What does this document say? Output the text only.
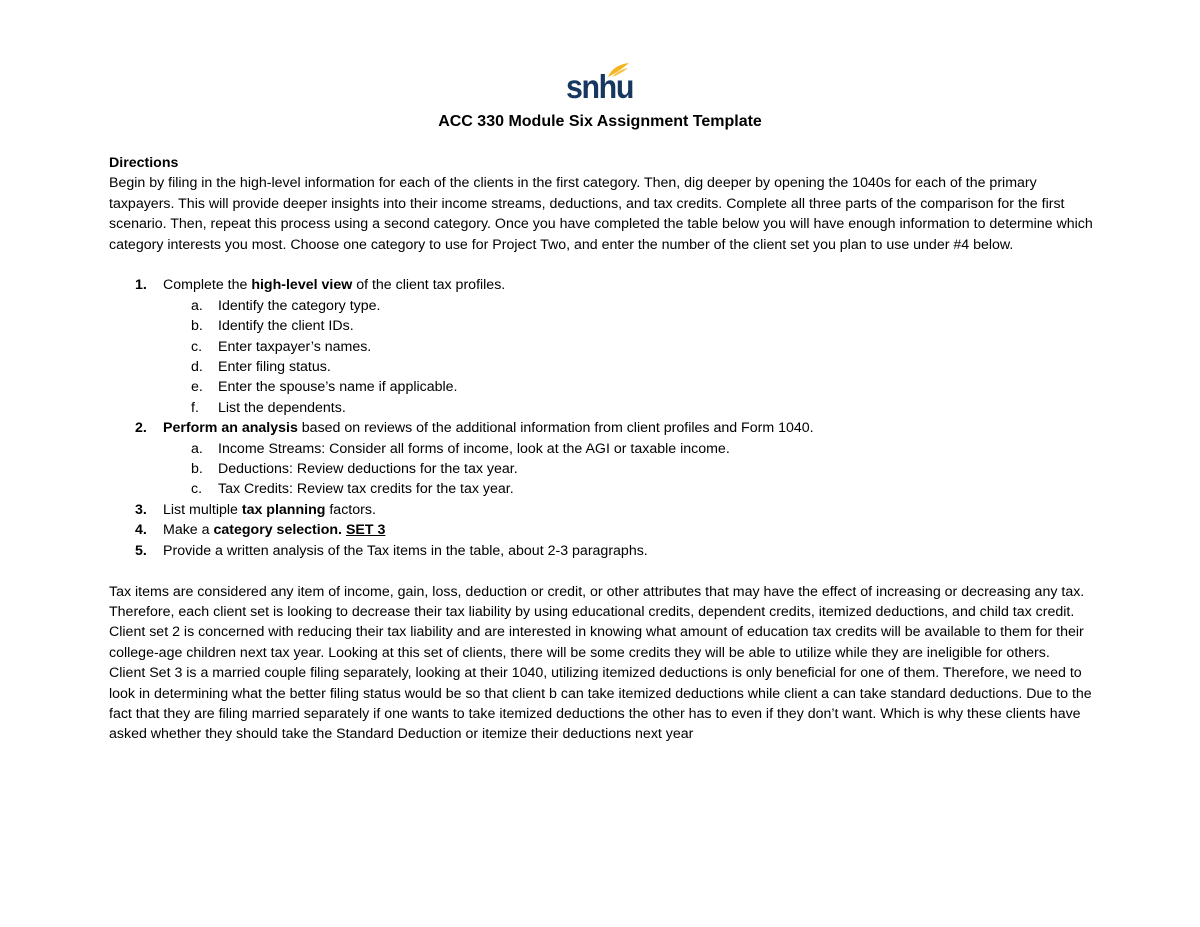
snhu
ACC 330 Module Six Assignment Template
Directions

Begin by filing in the high-level information for each of the clients in the first category. Then, dig deeper by opening the 1040s for each of the primary taxpayers. This will provide deeper insights into their income streams, deductions, and tax credits. Complete all three parts of the comparison for the first scenario. Then, repeat this process using a second category. Once you have completed the table below you will have enough information to determine which category interests you most. Choose one category to use for Project Two, and enter the number of the client set you plan to use under #4 below.

1.	Complete the high-level view of the client tax profiles.
a. Identify the category type.
b. Identify the client IDs.
c. Enter taxpayer’s names.
d. Enter filing status.
e. Enter the spouse’s name if applicable.
f. List the dependents.
2.	Perform an analysis based on reviews of the additional information from client profiles and Form 1040.
a. Income Streams: Consider all forms of income, look at the AGI or taxable income.
b. Deductions: Review deductions for the tax year.
c. Tax Credits: Review tax credits for the tax year.
3.	List multiple tax planning factors.
4.	Make a category selection. SET 3
5.	Provide a written analysis of the Tax items in the table, about 2-3 paragraphs.

Tax items are considered any item of income, gain, loss, deduction or credit, or other attributes that may have the effect of increasing or decreasing any tax. Therefore, each client set is looking to decrease their tax liability by using educational credits, dependent credits, itemized deductions, and child tax credit. Client set 2 is concerned with reducing their tax liability and are interested in knowing what amount of education tax credits will be available to them for their college-age children next tax year. Looking at this set of clients, there will be some credits they will be able to utilize while they are ineligible for others.

Client Set 3 is a married couple filing separately, looking at their 1040, utilizing itemized deductions is only beneficial for one of them. Therefore, we need to look in determining what the better filing status would be so that client b can take itemized deductions while client a can take standard deductions. Due to the fact that they are filing married separately if one wants to take itemized deductions the other has to even if they don’t want. Which is why these clients have asked whether they should take the Standard Deduction or itemize their deductions next year
